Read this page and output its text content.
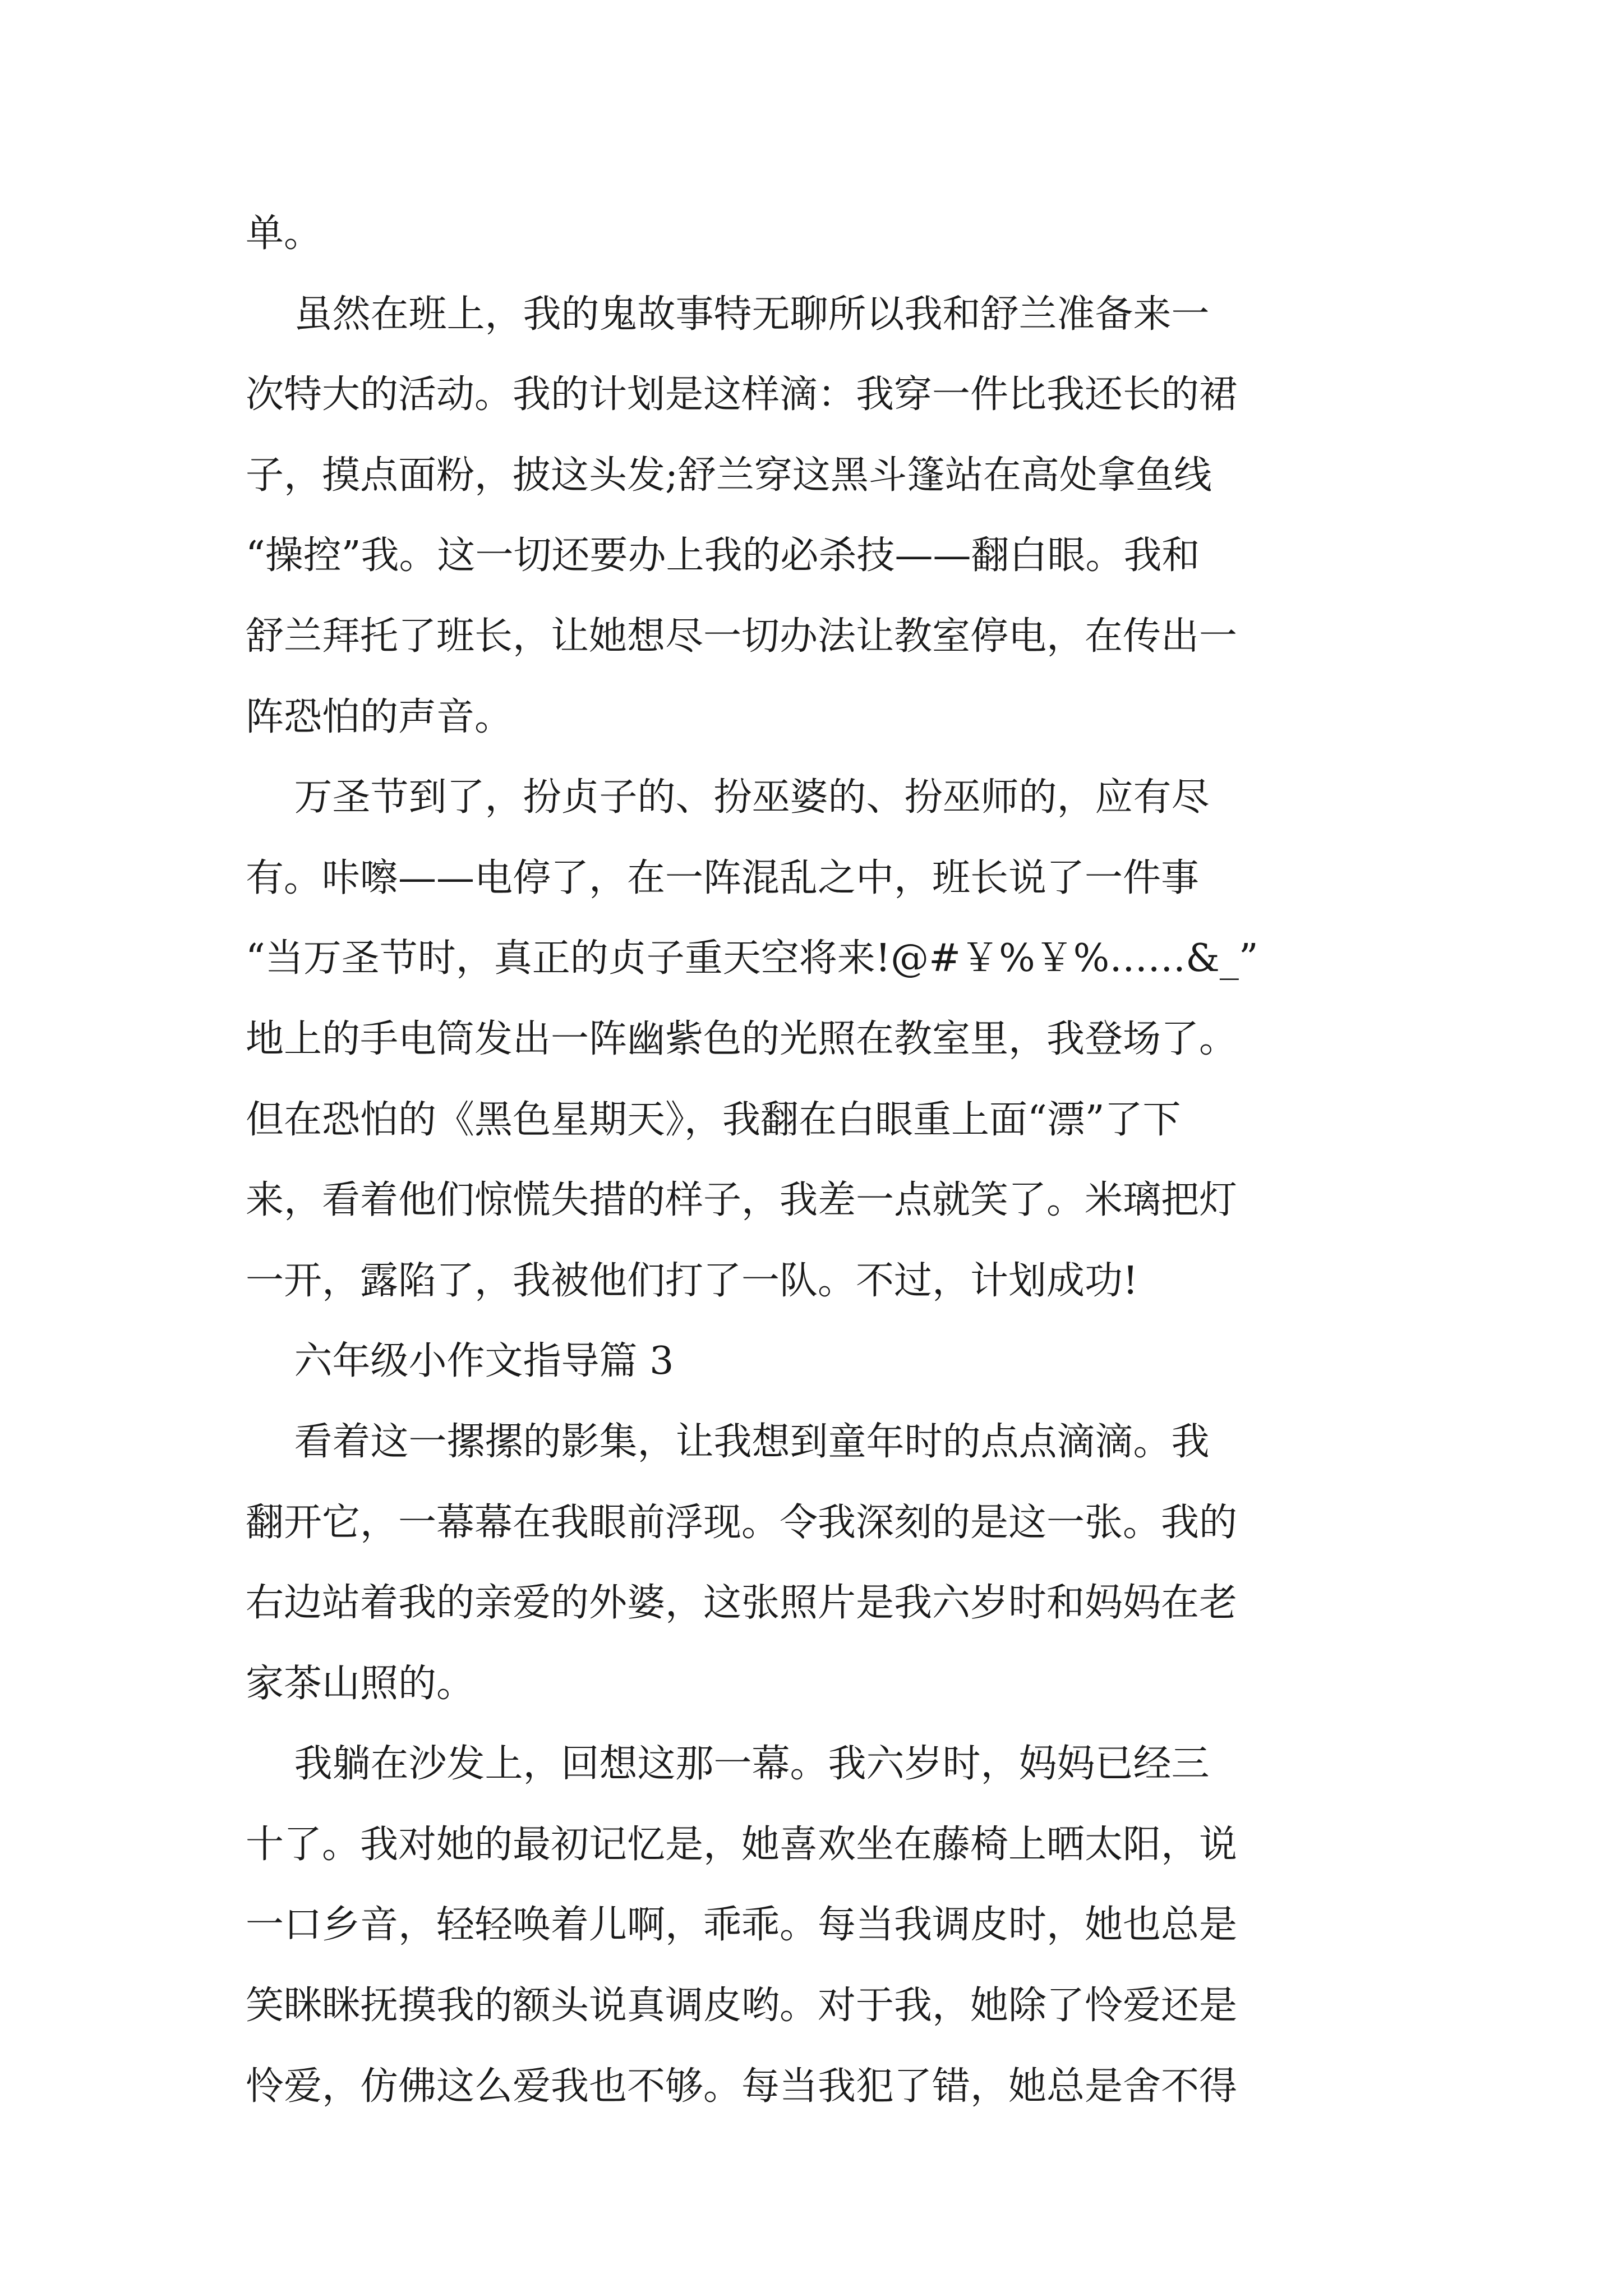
单。
虽然在班上，我的鬼故事特无聊所以我和舒兰准备来一
次特大的活动。我的计划是这样滴：我穿一件比我还长的裙
子，摸点面粉，披这头发;舒兰穿这黑斗篷站在高处拿鱼线
“操控”我。这一切还要办上我的必杀技——翻白眼。我和
舒兰拜托了班长，让她想尽一切办法让教室停电，在传出一
阵恐怕的声音。
万圣节到了，扮贞子的、扮巫婆的、扮巫师的，应有尽
有。咔嚓——电停了，在一阵混乱之中，班长说了一件事
“当万圣节时，真正的贞子重天空将来!@#￥%￥%……&_”
地上的手电筒发出一阵幽紫色的光照在教室里，我登场了。
但在恐怕的《黑色星期天》，我翻在白眼重上面“漂”了下
来，看着他们惊慌失措的样子，我差一点就笑了。米璃把灯
一开，露陷了，我被他们打了一队。不过，计划成功!
六年级小作文指导篇 3
看着这一摞摞的影集，让我想到童年时的点点滴滴。我
翻开它，一幕幕在我眼前浮现。令我深刻的是这一张。我的
右边站着我的亲爱的外婆，这张照片是我六岁时和妈妈在老
家茶山照的。
我躺在沙发上，回想这那一幕。我六岁时，妈妈已经三
十了。我对她的最初记忆是，她喜欢坐在藤椅上晒太阳，说
一口乡音，轻轻唤着儿啊，乖乖。每当我调皮时，她也总是
笑眯眯抚摸我的额头说真调皮哟。对于我，她除了怜爱还是
怜爱，仿佛这么爱我也不够。每当我犯了错，她总是舍不得
